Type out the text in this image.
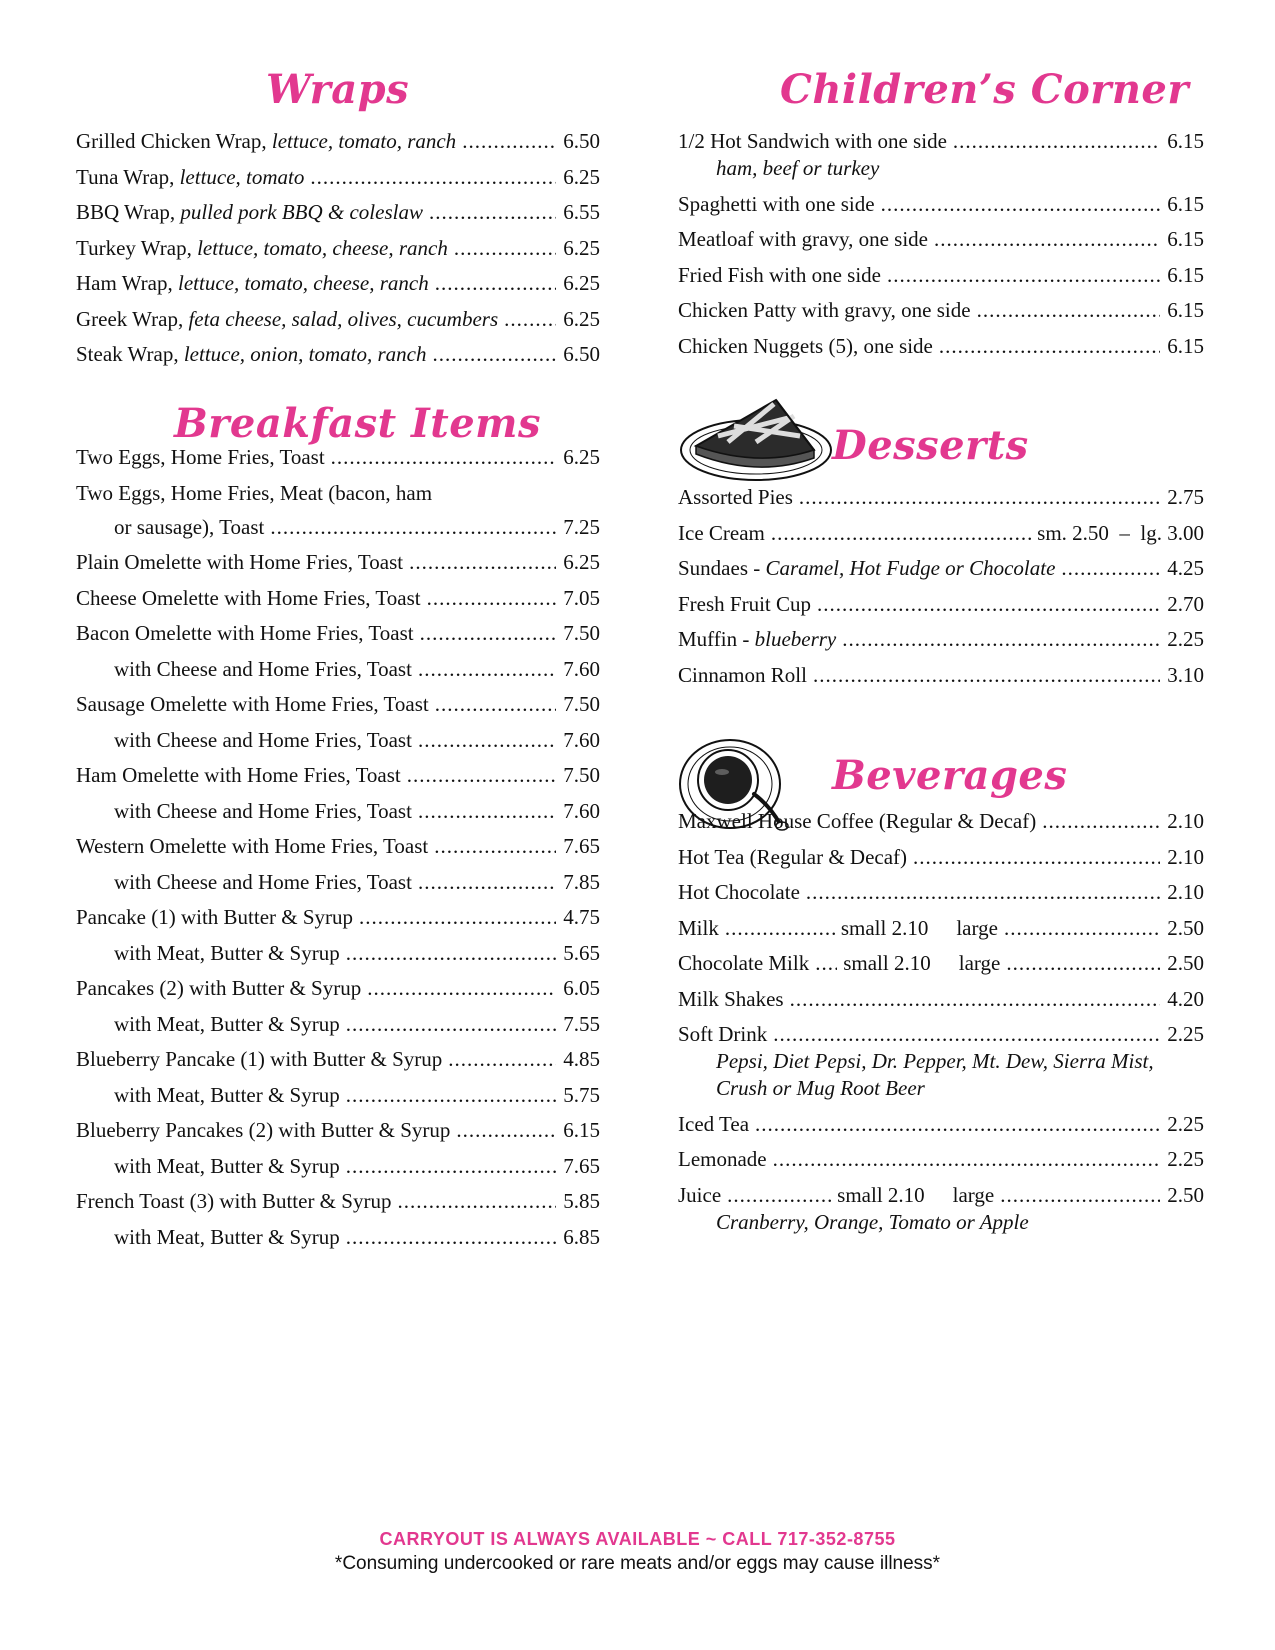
Wraps
Grilled Chicken Wrap, lettuce, tomato, ranch .....	6.50
Tuna Wrap, lettuce, tomato .....	6.25
BBQ Wrap, pulled pork BBQ & coleslaw .....	6.55
Turkey Wrap, lettuce, tomato, cheese, ranch .....	6.25
Ham Wrap, lettuce, tomato, cheese, ranch .....	6.25
Greek Wrap, feta cheese, salad, olives, cucumbers .....	6.25
Steak Wrap, lettuce, onion, tomato, ranch .....	6.50
Breakfast Items
Two Eggs, Home Fries, Toast .....	6.25
Two Eggs, Home Fries, Meat (bacon, ham
or sausage), Toast .....	7.25
Plain Omelette with Home Fries, Toast .....	6.25
Cheese Omelette with Home Fries, Toast .....	7.05
Bacon Omelette with Home Fries, Toast .....	7.50
with Cheese and Home Fries, Toast .....	7.60
Sausage Omelette with Home Fries, Toast .....	7.50
with Cheese and Home Fries, Toast .....	7.60
Ham Omelette with Home Fries, Toast .....	7.50
with Cheese and Home Fries, Toast .....	7.60
Western Omelette with Home Fries, Toast .....	7.65
with Cheese and Home Fries, Toast .....	7.85
Pancake (1) with Butter & Syrup .....	4.75
with Meat, Butter & Syrup .....	5.65
Pancakes (2) with Butter & Syrup .....	6.05
with Meat, Butter & Syrup .....	7.55
Blueberry Pancake (1) with Butter & Syrup .....	4.85
with Meat, Butter & Syrup .....	5.75
Blueberry Pancakes (2) with Butter & Syrup .....	6.15
with Meat, Butter & Syrup .....	7.65
French Toast (3) with Butter & Syrup .....	5.85
with Meat, Butter & Syrup .....	6.85
Children’s Corner
1/2 Hot Sandwich with one side .....	6.15
ham, beef or turkey
Spaghetti with one side .....	6.15
Meatloaf with gravy, one side .....	6.15
Fried Fish with one side .....	6.15
Chicken Patty with gravy, one side .....	6.15
Chicken Nuggets (5), one side .....	6.15
Desserts
Assorted Pies .....	2.75
Ice Cream .....	sm. 2.50  –  lg. 3.00
Sundaes - Caramel, Hot Fudge or Chocolate .....	4.25
Fresh Fruit Cup .....	2.70
Muffin - blueberry .....	2.25
Cinnamon Roll .....	3.10
Beverages
Maxwell House Coffee (Regular & Decaf) .....	2.10
Hot Tea (Regular & Decaf) .....	2.10
Hot Chocolate .....	2.10
Milk .....	small 2.10 large .....	2.50
Chocolate Milk ..... small 2.10 large .....	2.50
Milk Shakes .....	4.20
Soft Drink .....	2.25
Pepsi, Diet Pepsi, Dr. Pepper, Mt. Dew, Sierra Mist,
Crush or Mug Root Beer
Iced Tea .....	2.25
Lemonade .....	2.25
Juice .....	small 2.10 large .....	2.50
Cranberry, Orange, Tomato or Apple
CARRYOUT IS ALWAYS AVAILABLE ~ CALL 717-352-8755
*Consuming undercooked or rare meats and/or eggs may cause illness*
